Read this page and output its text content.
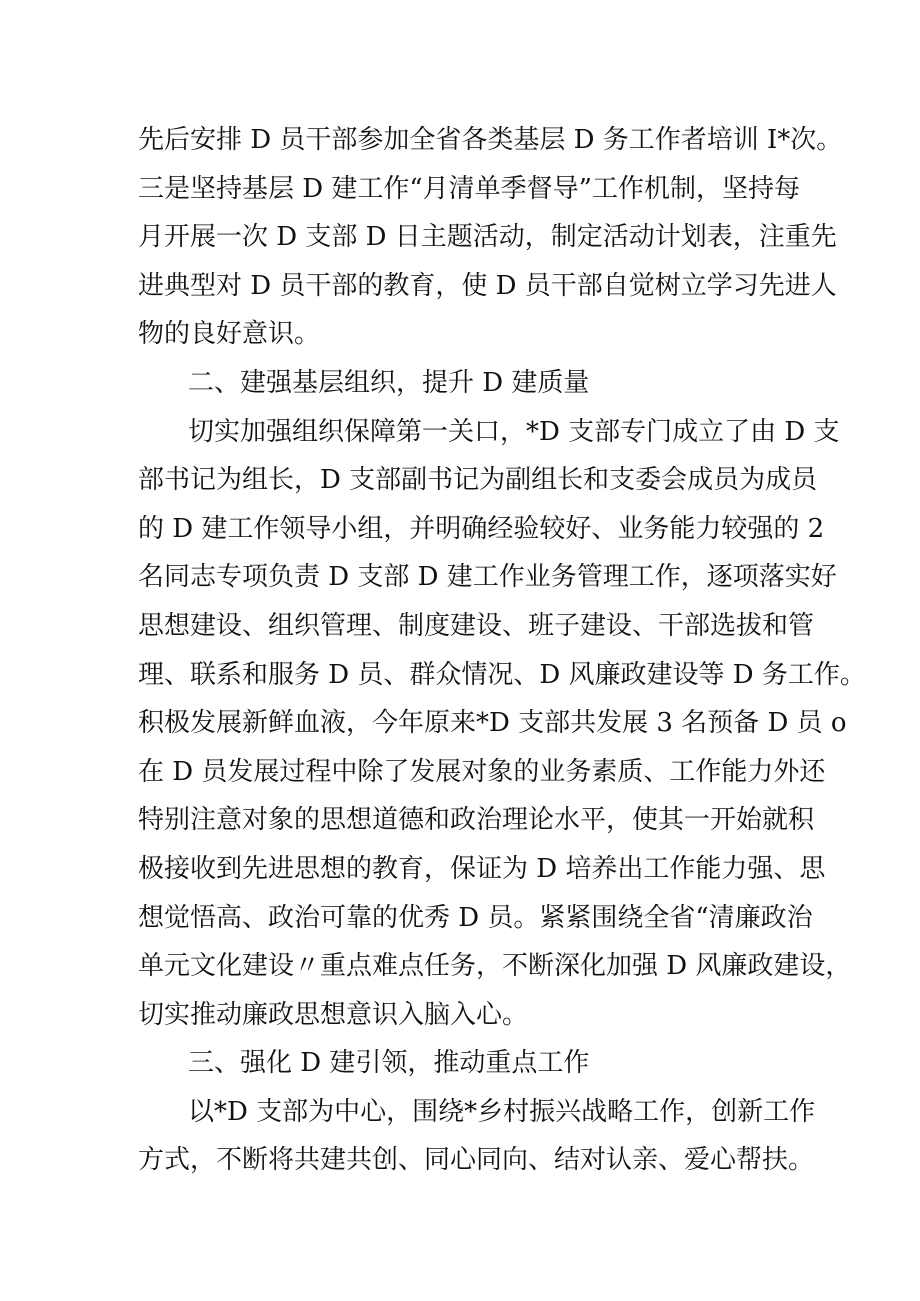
先后安排 D 员干部参加全省各类基层 D 务工作者培训 I*次。
三是坚持基层 D 建工作“月清单季督导”工作机制，坚持每
月开展一次 D 支部 D 日主题活动，制定活动计划表，注重先
进典型对 D 员干部的教育，使 D 员干部自觉树立学习先进人
物的良好意识。
二、建强基层组织，提升 D 建质量
切实加强组织保障第一关口，*D 支部专门成立了由 D 支
部书记为组长，D 支部副书记为副组长和支委会成员为成员
的 D 建工作领导小组，并明确经验较好、业务能力较强的 2
名同志专项负责 D 支部 D 建工作业务管理工作，逐项落实好
思想建设、组织管理、制度建设、班子建设、干部选拔和管
理、联系和服务 D 员、群众情况、D 风廉政建设等 D 务工作。
积极发展新鲜血液，今年原来*D 支部共发展 3 名预备 D 员 o
在 D 员发展过程中除了发展对象的业务素质、工作能力外还
特别注意对象的思想道德和政治理论水平，使其一开始就积
极接收到先进思想的教育，保证为 D 培养出工作能力强、思
想觉悟高、政治可靠的优秀 D 员。紧紧围绕全省“清廉政治
单元文化建设〃重点难点任务，不断深化加强 D 风廉政建设，
切实推动廉政思想意识入脑入心。
三、强化 D 建引领，推动重点工作
以*D 支部为中心，围绕*乡村振兴战略工作，创新工作
方式，不断将共建共创、同心同向、结对认亲、爱心帮扶。
